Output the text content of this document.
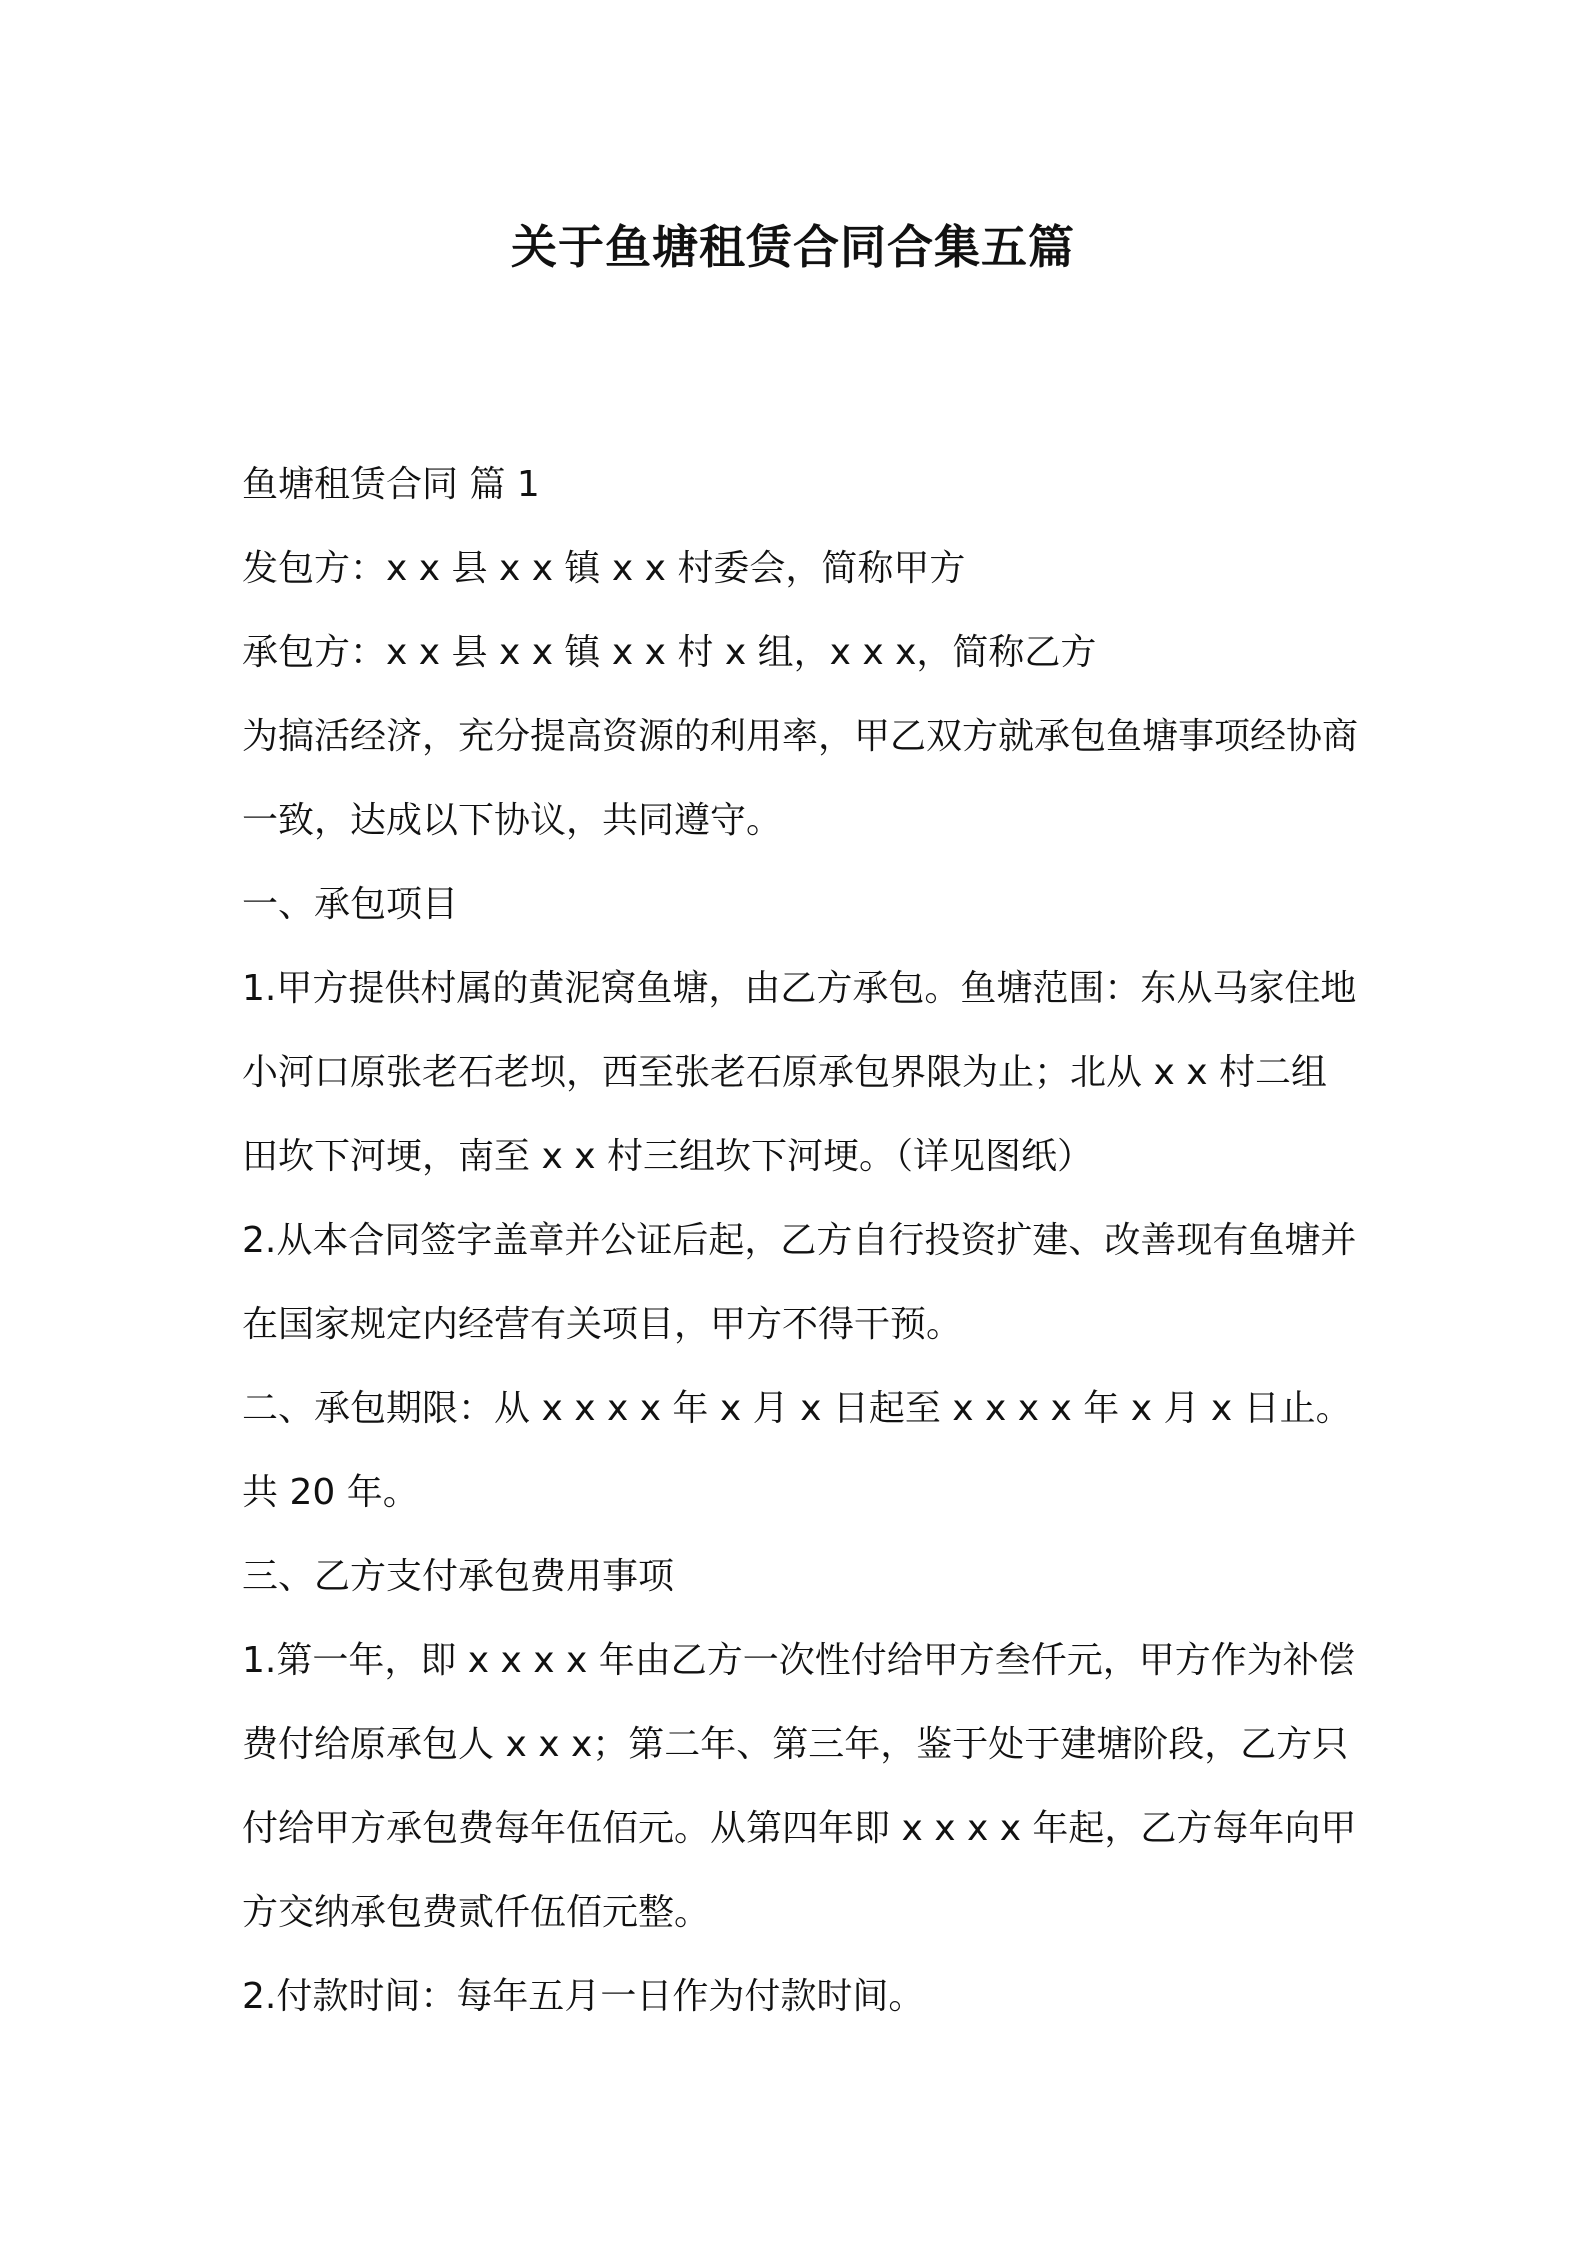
关于鱼塘租赁合同合集五篇

鱼塘租赁合同 篇 1

发包方：x x 县 x x 镇 x x 村委会，简称甲方

承包方：x x 县 x x 镇 x x 村 x 组，x x x，简称乙方

为搞活经济，充分提高资源的利用率，甲乙双方就承包鱼塘事项经协商一致，达成以下协议，共同遵守。

一、承包项目

1.甲方提供村属的黄泥窝鱼塘，由乙方承包。鱼塘范围：东从马家住地小河口原张老石老坝，西至张老石原承包界限为止；北从 x x 村二组田坎下河埂，南至 x x 村三组坎下河埂。（详见图纸）

2.从本合同签字盖章并公证后起，乙方自行投资扩建、改善现有鱼塘并在国家规定内经营有关项目，甲方不得干预。

二、承包期限：从 x x x x 年 x 月 x 日起至 x x x x 年 x 月 x 日止。共 20 年。

三、乙方支付承包费用事项

1.第一年，即 x x x x 年由乙方一次性付给甲方叁仟元，甲方作为补偿费付给原承包人 x x x；第二年、第三年，鉴于处于建塘阶段，乙方只付给甲方承包费每年伍佰元。从第四年即 x x x x 年起，乙方每年向甲方交纳承包费贰仟伍佰元整。

2.付款时间：每年五月一日作为付款时间。
